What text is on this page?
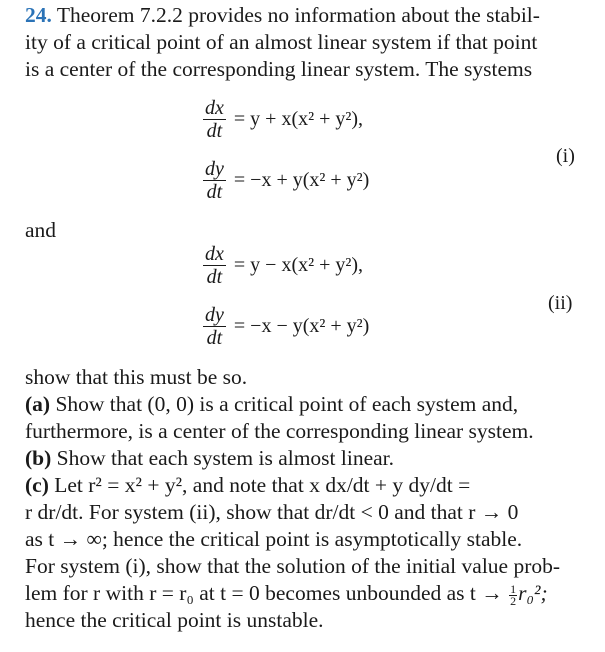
24. Theorem 7.2.2 provides no information about the stabil-
ity of a critical point of an almost linear system if that point
is a center of the corresponding linear system. The systems

$\frac{dx}{dt} = y + x(x^2 + y^2)$,
$\frac{dy}{dt} = -x + y(x^2 + y^2)$
(i)
and
$\frac{dx}{dt} = y - x(x^2 + y^2)$,
$\frac{dy}{dt} = -x - y(x^2 + y^2)$
(ii)

show that this must be so.
(a) Show that (0, 0) is a critical point of each system and,
furthermore, is a center of the corresponding linear system.
(b) Show that each system is almost linear.
(c) Let r² = x² + y², and note that x dx/dt + y dy/dt =
r dr/dt. For system (ii), show that dr/dt < 0 and that r → 0
as t → ∞; hence the critical point is asymptotically stable.
For system (i), show that the solution of the initial value prob-
lem for r with r = r₀ at t = 0 becomes unbounded as $t \to \frac{1}{2} r_0^2$;
hence the critical point is unstable.
